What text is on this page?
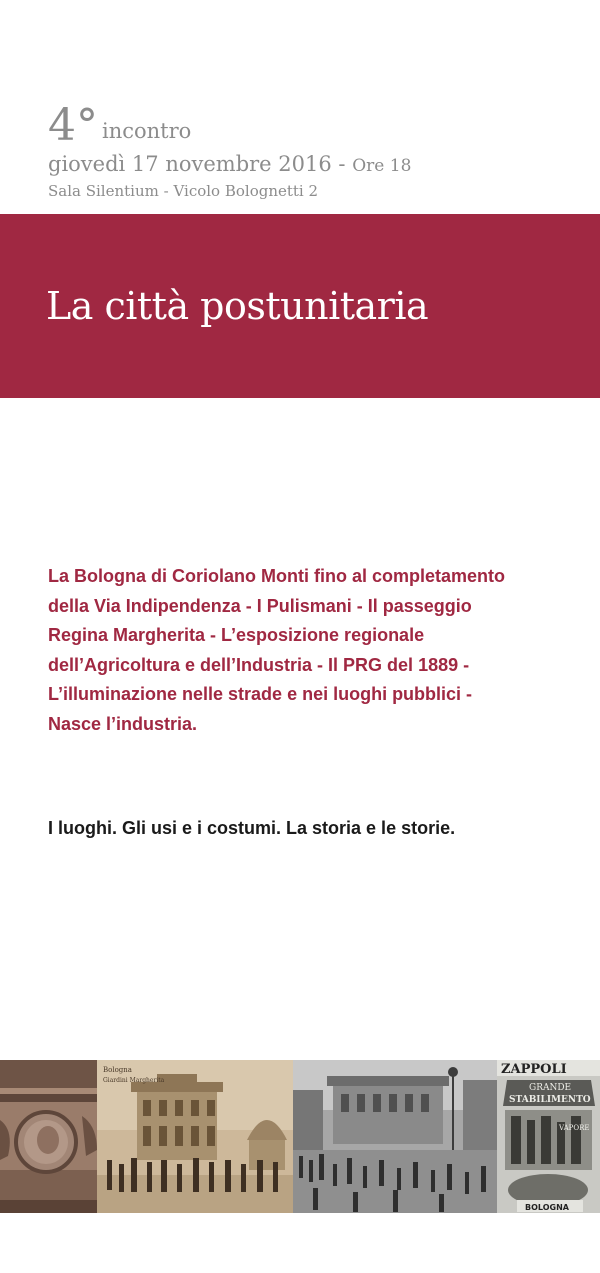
4° incontro
giovedì 17 novembre 2016 - Ore 18
Sala Silentium - Vicolo Bolognetti 2
La città postunitaria
La Bologna di Coriolano Monti fino al completamento
della Via Indipendenza - I Pulismani - Il passeggio
Regina Margherita - L’esposizione regionale
dell’Agricoltura e dell’Industria - Il PRG del 1889 -
L’illuminazione nelle strade e nei luoghi pubblici -
Nasce l’industria.
I luoghi. Gli usi e i costumi. La storia e le storie.
Bologna
Giardini Margherita
ZAPPOLI
GRANDE
STABILIMENTO
VAPORE
BOLOGNA
